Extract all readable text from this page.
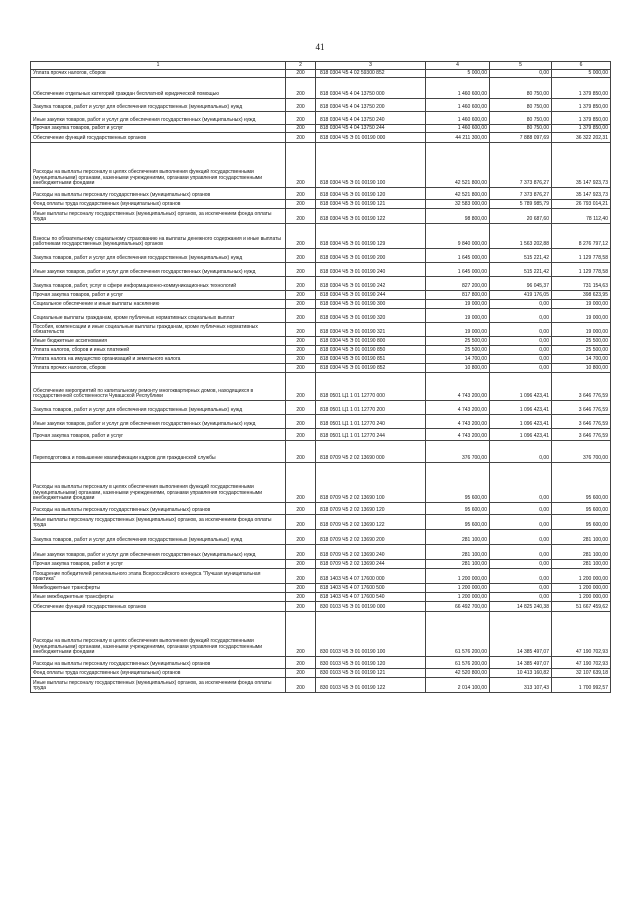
41
1	2	3	4	5	6
Уплата прочих налогов, сборов	200	818 0304 Ч5 4 02 59300 852	5 000,00	0,00	5 000,00
Обеспечение отдельных категорий граждан бесплатной юридической помощью	200	818 0304 Ч5 4 04 13750 000	1 460 600,00	80 750,00	1 379 850,00
Закупка товаров, работ и услуг для обеспечения государственных (муниципальных) нужд	200	818 0304 Ч5 4 04 13750 200	1 460 600,00	80 750,00	1 379 850,00
Иные закупки товаров, работ и услуг для обеспечения государственных (муниципальных) нужд	200	818 0304 Ч5 4 04 13750 240	1 460 600,00	80 750,00	1 379 850,00
Прочая закупка товаров, работ и услуг	200	818 0304 Ч5 4 04 13750 244	1 460 600,00	80 750,00	1 379 850,00
Обеспечение функций государственных органов	200	818 0304 Ч5 Э 01 00190 000	44 211 300,00	7 888 097,69	36 322 202,31
Расходы на выплаты персоналу в целях обеспечения выполнения функций государственными (муниципальными) органами, казенными учреждениями, органами управления государственными внебюджетными фондами	200	818 0304 Ч5 Э 01 00190 100	42 521 800,00	7 373 876,27	35 147 923,73
Расходы на выплаты персоналу государственных (муниципальных) органов	200	818 0304 Ч5 Э 01 00190 120	42 521 800,00	7 373 876,27	35 147 923,73
Фонд оплаты труда государственных (муниципальных) органов	200	818 0304 Ч5 Э 01 00190 121	32 583 000,00	5 789 985,79	26 793 014,21
Иные выплаты персоналу государственных (муниципальных) органов, за исключением фонда оплаты труда	200	818 0304 Ч5 Э 01 00190 122	98 800,00	20 687,60	78 112,40
Взносы по обязательному социальному страхованию на выплаты денежного содержания и иные выплаты работникам государственных (муниципальных) органов	200	818 0304 Ч5 Э 01 00190 129	9 840 000,00	1 563 202,88	8 276 797,12
Закупка товаров, работ и услуг для обеспечения государственных (муниципальных) нужд	200	818 0304 Ч5 Э 01 00190 200	1 645 000,00	515 221,42	1 129 778,58
Иные закупки товаров, работ и услуг для обеспечения государственных (муниципальных) нужд	200	818 0304 Ч5 Э 01 00190 240	1 645 000,00	515 221,42	1 129 778,58
Закупка товаров, работ, услуг в сфере информационно-коммуникационных технологий	200	818 0304 Ч5 Э 01 00190 242	827 200,00	96 045,37	731 154,63
Прочая закупка товаров, работ и услуг	200	818 0304 Ч5 Э 01 00190 244	817 800,00	419 176,05	398 623,95
Социальное обеспечение и иные выплаты населению	200	818 0304 Ч5 Э 01 00190 300	19 000,00	0,00	19 000,00
Социальные выплаты гражданам, кроме публичных нормативных социальных выплат	200	818 0304 Ч5 Э 01 00190 320	19 000,00	0,00	19 000,00
Пособия, компенсации и иные социальные выплаты гражданам, кроме публичных нормативных обязательств	200	818 0304 Ч5 Э 01 00190 321	19 000,00	0,00	19 000,00
Иные бюджетные ассигнования	200	818 0304 Ч5 Э 01 00190 800	25 500,00	0,00	25 500,00
Уплата налогов, сборов и иных платежей	200	818 0304 Ч5 Э 01 00190 850	25 500,00	0,00	25 500,00
Уплата налога на имущество организаций и земельного налога	200	818 0304 Ч5 Э 01 00190 851	14 700,00	0,00	14 700,00
Уплата прочих налогов, сборов	200	818 0304 Ч5 Э 01 00190 852	10 800,00	0,00	10 800,00
Обеспечение мероприятий по капитальному ремонту многоквартирных домов, находящихся в государственной собственности Чувашской Республики	200	818 0501 Ц1 1 01 12770 000	4 743 200,00	1 096 423,41	3 646 776,59
Закупка товаров, работ и услуг для обеспечения государственных (муниципальных) нужд	200	818 0501 Ц1 1 01 12770 200	4 743 200,00	1 096 423,41	3 646 776,59
Иные закупки товаров, работ и услуг для обеспечения государственных (муниципальных) нужд	200	818 0501 Ц1 1 01 12770 240	4 743 200,00	1 096 423,41	3 646 776,59
Прочая закупка товаров, работ и услуг	200	818 0501 Ц1 1 01 12770 244	4 743 200,00	1 096 423,41	3 646 776,59
Переподготовка и повышение квалификации кадров для гражданской службы	200	818 0709 Ч5 2 02 13690 000	376 700,00	0,00	376 700,00
Расходы на выплаты персоналу в целях обеспечения выполнения функций государственными (муниципальными) органами, казенными учреждениями, органами управления государственными внебюджетными фондами	200	818 0709 Ч5 2 02 13690 100	95 600,00	0,00	95 600,00
Расходы на выплаты персоналу государственных (муниципальных) органов	200	818 0709 Ч5 2 02 13690 120	95 600,00	0,00	95 600,00
Иные выплаты персоналу государственных (муниципальных) органов, за исключением фонда оплаты труда	200	818 0709 Ч5 2 02 13690 122	95 600,00	0,00	95 600,00
Закупка товаров, работ и услуг для обеспечения государственных (муниципальных) нужд	200	818 0709 Ч5 2 02 13690 200	281 100,00	0,00	281 100,00
Иные закупки товаров, работ и услуг для обеспечения государственных (муниципальных) нужд	200	818 0709 Ч5 2 02 13690 240	281 100,00	0,00	281 100,00
Прочая закупка товаров, работ и услуг	200	818 0709 Ч5 2 02 13690 244	281 100,00	0,00	281 100,00
Поощрение победителей регионального этапа Всероссийского конкурса "Лучшая муниципальная практика"	200	818 1403 Ч5 4 07 17600 000	1 200 000,00	0,00	1 200 000,00
Межбюджетные трансферты	200	818 1403 Ч5 4 07 17600 500	1 200 000,00	0,00	1 200 000,00
Иные межбюджетные трансферты	200	818 1403 Ч5 4 07 17600 540	1 200 000,00	0,00	1 200 000,00
Обеспечение функций государственных органов	200	830 0103 Ч5 Э 01 00190 000	66 492 700,00	14 825 240,38	51 667 459,62
Расходы на выплаты персоналу в целях обеспечения выполнения функций государственными (муниципальными) органами, казенными учреждениями, органами управления государственными внебюджетными фондами	200	830 0103 Ч5 Э 01 00190 100	61 576 200,00	14 385 497,07	47 190 702,93
Расходы на выплаты персоналу государственных (муниципальных) органов	200	830 0103 Ч5 Э 01 00190 120	61 576 200,00	14 385 497,07	47 190 702,93
Фонд оплаты труда государственных (муниципальных) органов	200	830 0103 Ч5 Э 01 00190 121	42 520 800,00	10 413 160,82	32 107 639,18
Иные выплаты персоналу государственных (муниципальных) органов, за исключением фонда оплаты труда	200	830 0103 Ч5 Э 01 00190 122	2 014 100,00	313 107,43	1 700 992,57
